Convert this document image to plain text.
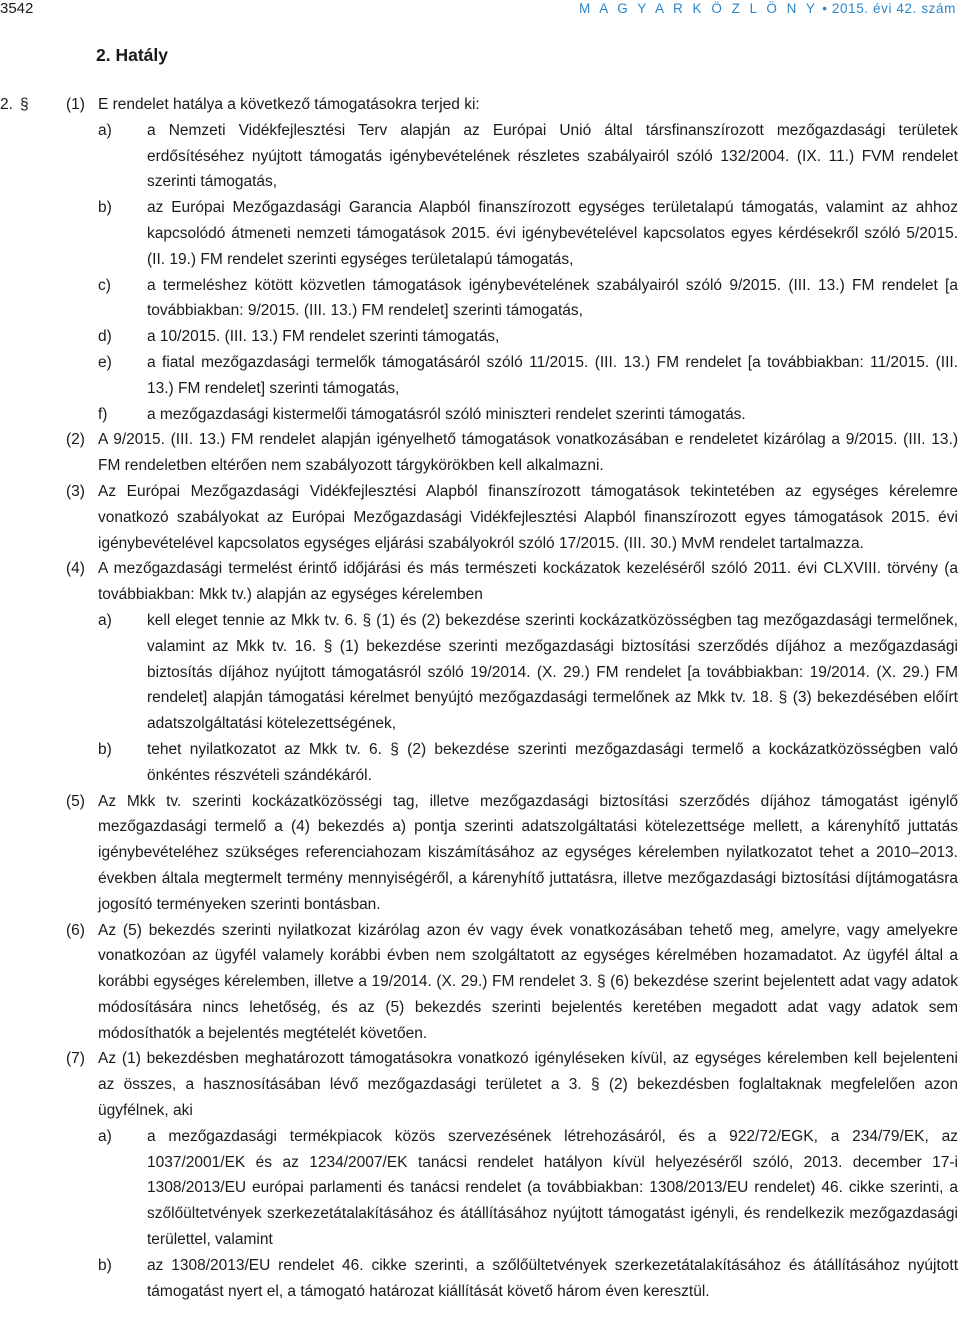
3542	M A G Y A R K Ö Z L Ö N Y • 2015. évi 42. szám
2. Hatály
2. § (1) E rendelet hatálya a következő támogatásokra terjed ki:
a) a Nemzeti Vidékfejlesztési Terv alapján az Európai Unió által társfinanszírozott mezőgazdasági területek erdősítéséhez nyújtott támogatás igénybevételének részletes szabályairól szóló 132/2004. (IX. 11.) FVM rendelet szerinti támogatás,
b) az Európai Mezőgazdasági Garancia Alapból finanszírozott egységes területalapú támogatás, valamint az ahhoz kapcsolódó átmeneti nemzeti támogatások 2015. évi igénybevételével kapcsolatos egyes kérdésekről szóló 5/2015. (II. 19.) FM rendelet szerinti egységes területalapú támogatás,
c) a termeléshez kötött közvetlen támogatások igénybevételének szabályairól szóló 9/2015. (III. 13.) FM rendelet [a továbbiakban: 9/2015. (III. 13.) FM rendelet] szerinti támogatás,
d) a 10/2015. (III. 13.) FM rendelet szerinti támogatás,
e) a fiatal mezőgazdasági termelők támogatásáról szóló 11/2015. (III. 13.) FM rendelet [a továbbiakban: 11/2015. (III. 13.) FM rendelet] szerinti támogatás,
f)	a mezőgazdasági kistermelői támogatásról szóló miniszteri rendelet szerinti támogatás.
(2) A 9/2015. (III. 13.) FM rendelet alapján igényelhető támogatások vonatkozásában e rendeletet kizárólag a 9/2015. (III. 13.) FM rendeletben eltérően nem szabályozott tárgykörökben kell alkalmazni.
(3) Az Európai Mezőgazdasági Vidékfejlesztési Alapból finanszírozott támogatások tekintetében az egységes kérelemre vonatkozó szabályokat az Európai Mezőgazdasági Vidékfejlesztési Alapból finanszírozott egyes támogatások 2015. évi igénybevételével kapcsolatos egységes eljárási szabályokról szóló 17/2015. (III. 30.) MvM rendelet tartalmazza.
(4) A mezőgazdasági termelést érintő időjárási és más természeti kockázatok kezeléséről szóló 2011. évi CLXVIII. törvény (a továbbiakban: Mkk tv.) alapján az egységes kérelemben
a) kell eleget tennie az Mkk tv. 6. § (1) és (2) bekezdése szerinti kockázatközösségben tag mezőgazdasági termelőnek, valamint az Mkk tv. 16. § (1) bekezdése szerinti mezőgazdasági biztosítási szerződés díjához a mezőgazdasági biztosítás díjához nyújtott támogatásról szóló 19/2014. (X. 29.) FM rendelet [a továbbiakban: 19/2014. (X. 29.) FM rendelet] alapján támogatási kérelmet benyújtó mezőgazdasági termelőnek az Mkk tv. 18. § (3) bekezdésében előírt adatszolgáltatási kötelezettségének,
b) tehet nyilatkozatot az Mkk tv. 6. § (2) bekezdése szerinti mezőgazdasági termelő a kockázatközösségben való önkéntes részvételi szándékáról.
(5) Az Mkk tv. szerinti kockázatközösségi tag, illetve mezőgazdasági biztosítási szerződés díjához támogatást igénylő mezőgazdasági termelő a (4) bekezdés a) pontja szerinti adatszolgáltatási kötelezettsége mellett, a kárenyhítő juttatás igénybevételéhez szükséges referenciahozam kiszámításához az egységes kérelemben nyilatkozatot tehet a 2010–2013. években általa megtermelt termény mennyiségéről, a kárenyhítő juttatásra, illetve mezőgazdasági biztosítási díjtámogatásra jogosító terményeken szerinti bontásban.
(6) Az (5) bekezdés szerinti nyilatkozat kizárólag azon év vagy évek vonatkozásában tehető meg, amelyre, vagy amelyekre vonatkozóan az ügyfél valamely korábbi évben nem szolgáltatott az egységes kérelmében hozamadatot. Az ügyfél által a korábbi egységes kérelemben, illetve a 19/2014. (X. 29.) FM rendelet 3. § (6) bekezdése szerint bejelentett adat vagy adatok módosítására nincs lehetőség, és az (5) bekezdés szerinti bejelentés keretében megadott adat vagy adatok sem módosíthatók a bejelentés megtételét követően.
(7) Az (1) bekezdésben meghatározott támogatásokra vonatkozó igényléseken kívül, az egységes kérelemben kell bejelenteni az összes, a hasznosításában lévő mezőgazdasági területet a 3. § (2) bekezdésben foglaltaknak megfelelően azon ügyfélnek, aki
a) a mezőgazdasági termékpiacok közös szervezésének létrehozásáról, és a 922/72/EGK, a 234/79/EK, az 1037/2001/EK és az 1234/2007/EK tanácsi rendelet hatályon kívül helyezéséről szóló, 2013. december 17-i 1308/2013/EU európai parlamenti és tanácsi rendelet (a továbbiakban: 1308/2013/EU rendelet) 46. cikke szerinti, a szőlőültetvények szerkezetátalakításához és átállításához nyújtott támogatást igényli, és rendelkezik mezőgazdasági területtel, valamint
b) az 1308/2013/EU rendelet 46. cikke szerinti, a szőlőültetvények szerkezetátalakításához és átállításához nyújtott támogatást nyert el, a támogató határozat kiállítását követő három éven keresztül.
